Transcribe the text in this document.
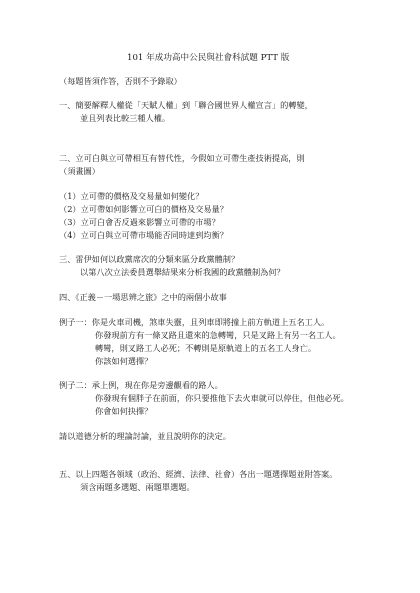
101 年成功高中公民與社會科試題 PTT 版
（每題皆須作答，否則不予錄取）
一、簡要解釋人權從「天賦人權」到「聯合國世界人權宣言」的轉變，
並且列表比較三種人權。
二、立可白與立可帶相互有替代性，今假如立可帶生產技術提高，則
（須畫圖）
（1）立可帶的價格及交易量如何變化？
（2）立可帶如何影響立可白的價格及交易量？
（3）立可白會否反過來影響立可帶的市場？
（4）立可白與立可帶市場能否同時達到均衡？
三、雷伊如何以政黨席次的分類來區分政黨體制？
以第八次立法委員選舉結果來分析我國的政黨體制為何？
四、《正義－一場思辨之旅》之中的兩個小故事
例子一：你是火車司機，煞車失靈，且列車即將撞上前方軌道上五名工人。
你發現前方有一條叉路且還來的急轉彎，只是叉路上有另一名工人。
轉彎，則叉路工人必死；不轉則是原軌道上的五名工人身亡。
你該如何選擇？
例子二：承上例，現在你是旁邊觀看的路人。
你發現有個胖子在前面，你只要推他下去火車就可以停住，但他必死。
你會如何抉擇？
請以道德分析的理論討論，並且說明你的決定。
五、以上四題各領域（政治、經濟、法律、社會）各出一題選擇題並附答案。
須含兩題多選題、兩題單選題。
